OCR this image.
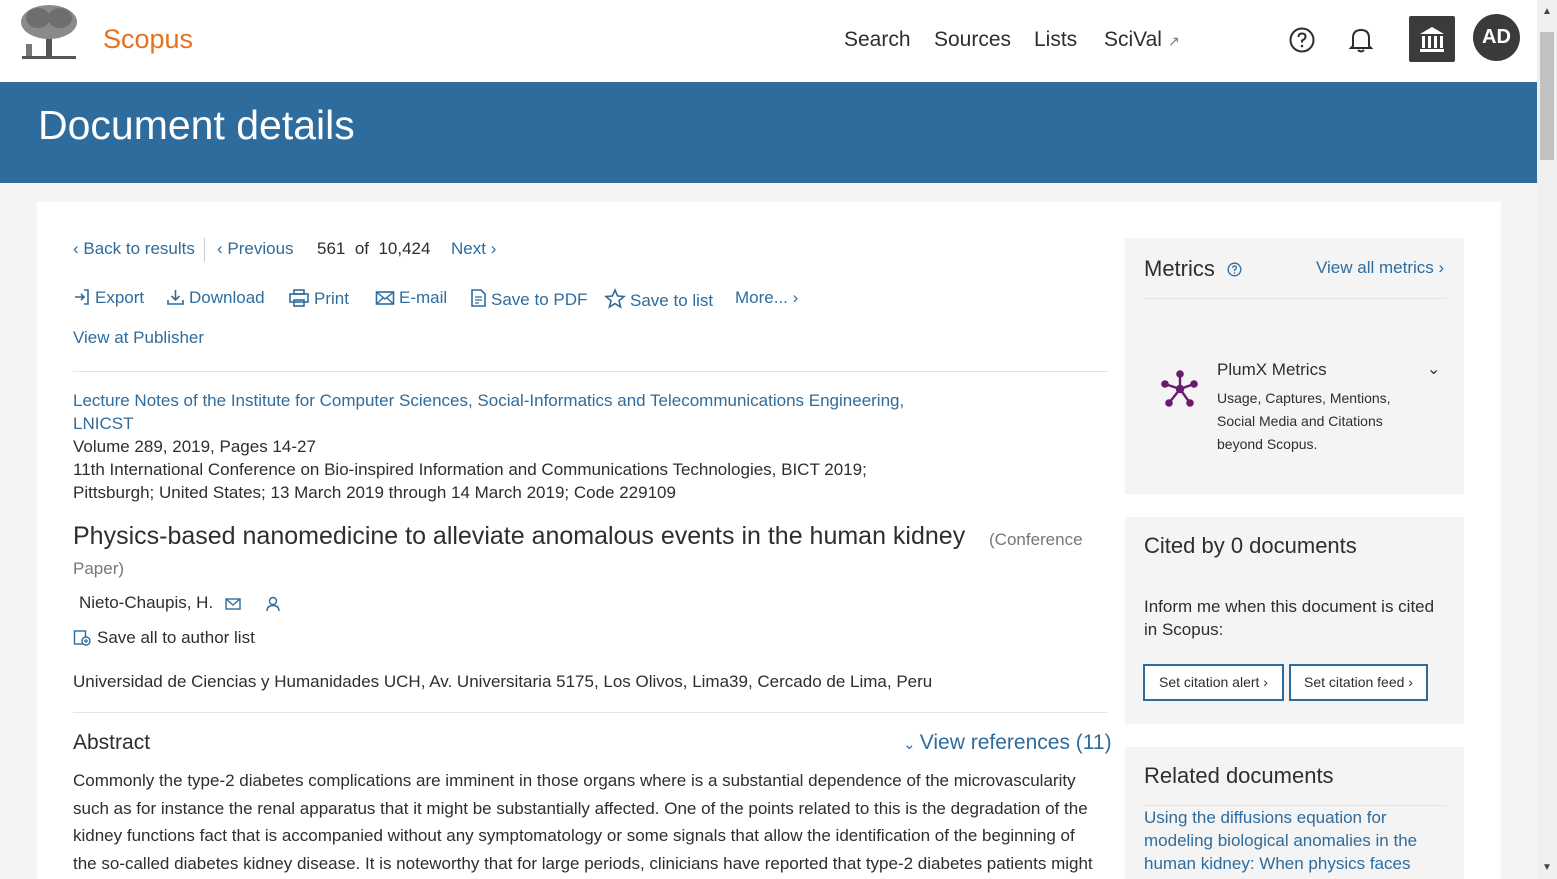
Scopus	Search Sources Lists SciVal ↗	AD
Document details
▲
▼
‹ Back to results ‹ Previous 561 of 10,424 Next ›
Export	Download	Print	E-mail	Save to PDF	Save to list More... ›
View at Publisher
Lecture Notes of the Institute for Computer Sciences, Social-Informatics and Telecommunications Engineering,
LNICST
Volume 289, 2019, Pages 14-27
11th International Conference on Bio-inspired Information and Communications Technologies, BICT 2019;
Pittsburgh; United States; 13 March 2019 through 14 March 2019; Code 229109
Physics-based nanomedicine to alleviate anomalous events in the human kidney (Conference
Paper)
Nieto-Chaupis, H.
Save all to author list
Universidad de Ciencias y Humanidades UCH, Av. Universitaria 5175, Los Olivos, Lima39, Cercado de Lima, Peru
Abstract	⌄ View references (11)
Commonly the type-2 diabetes complications are imminent in those organs where is a substantial dependence of the microvascularity such as for instance the renal apparatus that it might be substantially affected. One of the points related to this is the degradation of the kidney functions fact that is accompanied without any symptomatology or some signals that allow the identification of the beginning of the so-called diabetes kidney disease. It is noteworthy that for large periods, clinicians have reported that type-2 diabetes patients might
Metrics	View all metrics ›
PlumX Metrics	⌄
Usage, Captures, Mentions,
Social Media and Citations
beyond Scopus.
Cited by 0 documents
Inform me when this document is cited
in Scopus:
Set citation alert ›	Set citation feed ›
Related documents
Using the diffusions equation for
modeling biological anomalies in the
human kidney: When physics faces
